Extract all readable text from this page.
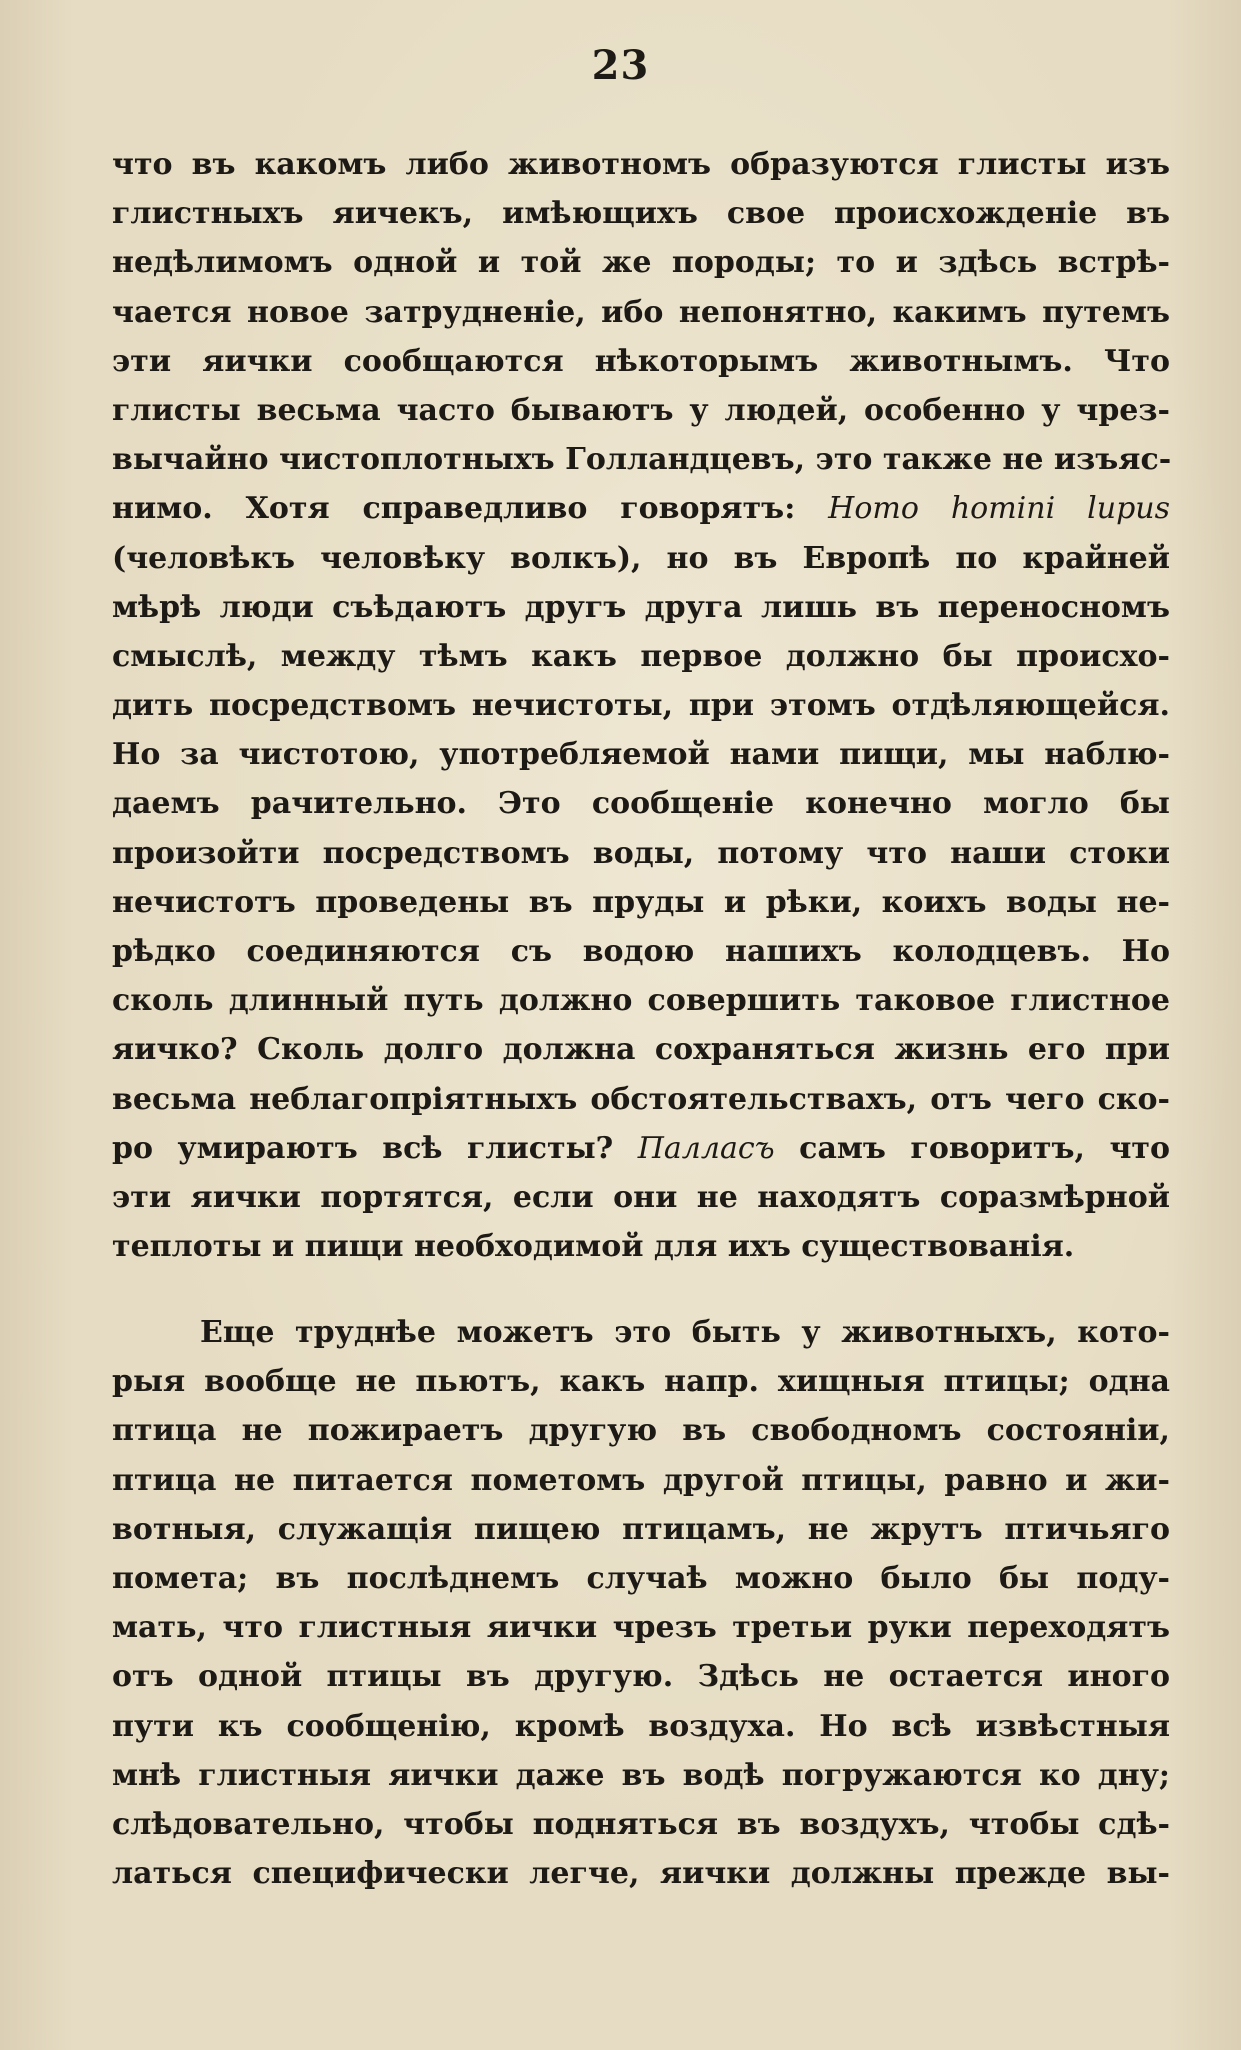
23
что въ какомъ либо животномъ образуются глисты изъ
глистныхъ яичекъ, имѣющихъ свое происхожденіе въ
недѣлимомъ одной и той же породы; то и здѣсь встрѣ-
чается новое затрудненіе, ибо непонятно, какимъ путемъ
эти яички сообщаются нѣкоторымъ животнымъ. Что
глисты весьма часто бываютъ у людей, особенно у чрез-
вычайно чистоплотныхъ Голландцевъ, это также не изъяс-
нимо. Хотя справедливо говорятъ: Homo homini lupus
(человѣкъ человѣку волкъ), но въ Европѣ по крайней
мѣрѣ люди съѣдаютъ другъ друга лишь въ переносномъ
смыслѣ, между тѣмъ какъ первое должно бы происхо-
дить посредствомъ нечистоты, при этомъ отдѣляющейся.
Но за чистотою, употребляемой нами пищи, мы наблю-
даемъ рачительно. Это сообщеніе конечно могло бы
произойти посредствомъ воды, потому что наши стоки
нечистотъ проведены въ пруды и рѣки, коихъ воды не-
рѣдко соединяются съ водою нашихъ колодцевъ. Но
сколь длинный путь должно совершить таковое глистное
яичко? Сколь долго должна сохраняться жизнь его при
весьма неблагопріятныхъ обстоятельствахъ, отъ чего ско-
ро умираютъ всѣ глисты? Палласъ самъ говоритъ, что
эти яички портятся, если они не находятъ соразмѣрной
теплоты и пищи необходимой для ихъ существованія.
Еще труднѣе можетъ это быть у животныхъ, кото-
рыя вообще не пьютъ, какъ напр. хищныя птицы; одна
птица не пожираетъ другую въ свободномъ состояніи,
птица не питается пометомъ другой птицы, равно и жи-
вотныя, служащія пищею птицамъ, не жрутъ птичьяго
помета; въ послѣднемъ случаѣ можно было бы поду-
мать, что глистныя яички чрезъ третьи руки переходятъ
отъ одной птицы въ другую. Здѣсь не остается иного
пути къ сообщенію, кромѣ воздуха. Но всѣ извѣстныя
мнѣ глистныя яички даже въ водѣ погружаются ко дну;
слѣдовательно, чтобы подняться въ воздухъ, чтобы сдѣ-
латься специфически легче, яички должны прежде вы-
